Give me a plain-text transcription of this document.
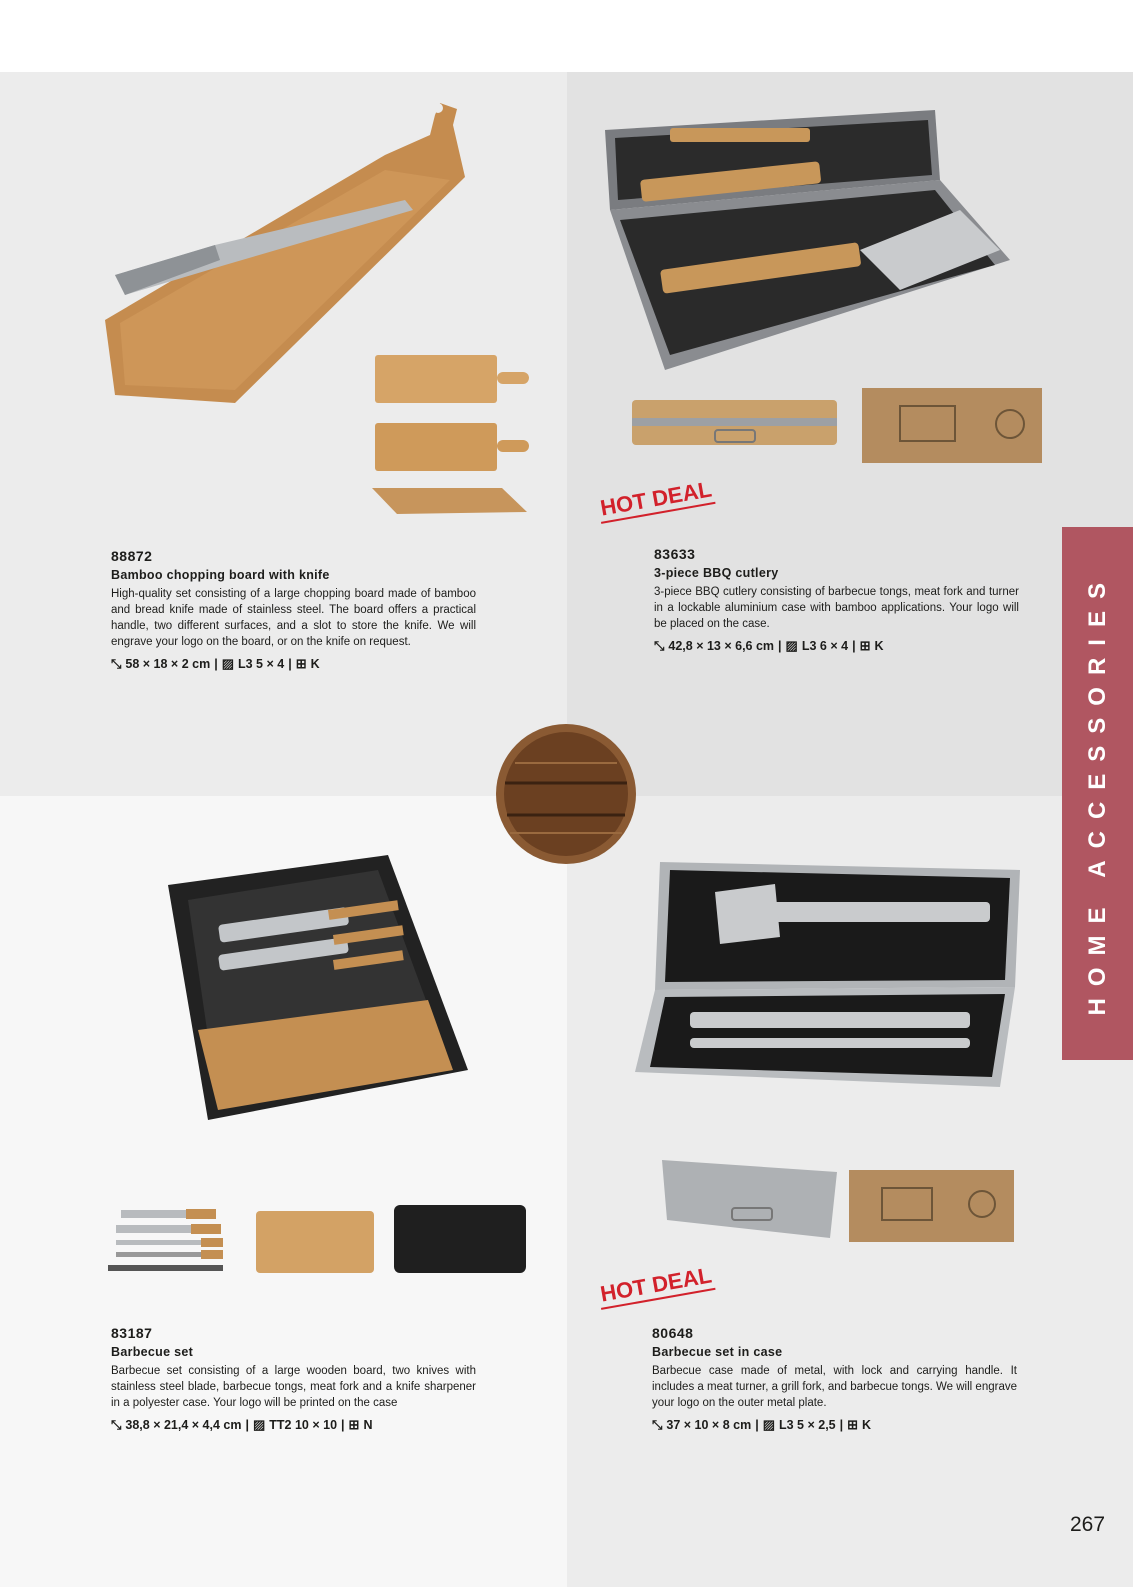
HOT DEAL
HOT DEAL
88872
Bamboo chopping board with knife
High-quality set consisting of a large chopping board made of bamboo and bread knife made of stainless steel. The board offers a practical handle, two different surfaces, and a slot to store the knife. We will engrave your logo on the board, or on the knife on request.
⤡ 58 × 18 × 2 cm | ▨ L3 5 × 4 | ⊞ K
83633
3-piece BBQ cutlery
3-piece BBQ cutlery consisting of barbecue tongs, meat fork and turner in a lockable aluminium case with bamboo applications. Your logo will be placed on the case.
⤡ 42,8 × 13 × 6,6 cm | ▨ L3 6 × 4 | ⊞ K
83187
Barbecue set
Barbecue set consisting of a large wooden board, two knives with stainless steel blade, barbecue tongs, meat fork and a knife sharpener in a polyester case. Your logo will be printed on the case
⤡ 38,8 × 21,4 × 4,4 cm | ▨ TT2 10 × 10 | ⊞ N
80648
Barbecue set in case
Barbecue case made of metal, with lock and carrying handle. It includes a meat turner, a grill fork, and barbecue tongs. We will engrave your logo on the outer metal plate.
⤡ 37 × 10 × 8 cm | ▨ L3 5 × 2,5 | ⊞ K
HOME ACCESSORIES
267
